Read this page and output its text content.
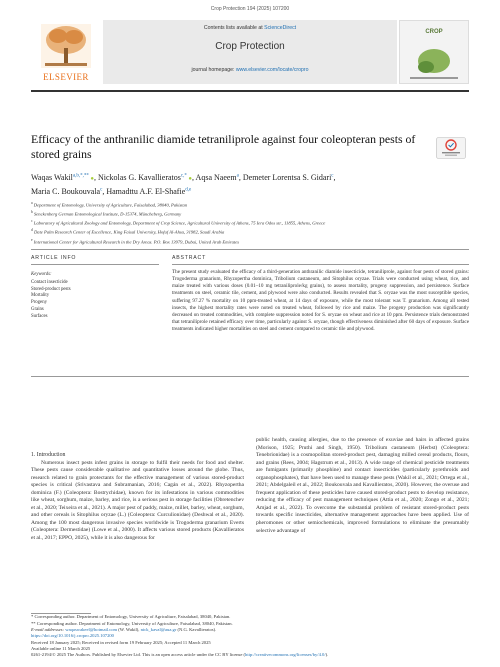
Crop Protection 194 (2025) 107200
ELSEVIER
Contents lists available at ScienceDirect
Crop Protection
journal homepage: www.elsevier.com/locate/cropro
CROP
Efficacy of the anthranilic diamide tetraniliprole against four coleopteran pests of stored grains
Waqas Wakil$^{a,b,*,**}$ ●, Nickolas G. Kavallieratos$^{c,*}$ ●, Aqsa Naeem$^a$, Demeter Lorentsa S. Gidari$^c$,
Maria C. Boukouvala$^c$, Hamadttu A.F. El-Shafie$^{d,e}$
$^a$ Department of Entomology, University of Agriculture, Faisalabad, 38040, Pakistan
$^b$ Senckenberg German Entomological Institute, D-15374, Müncheberg, Germany
$^c$ Laboratory of Agricultural Zoology and Entomology, Department of Crop Science, Agricultural University of Athens, 75 Iera Odos str., 11855, Athens, Greece
$^d$ Date Palm Research Center of Excellence, King Faisal University, Hofuf Al-Ahsa, 31982, Saudi Arabia
$^e$ International Center for Agricultural Research in the Dry Areas. P.O. Box 13979, Dubai, United Arab Emirates
ARTICLE INFO	ABSTRACT
Keywords:
Contact insecticide
Stored-product pests
Mortality
Progeny
Grains
Surfaces
The present study evaluated the efficacy of a third-generation anthranilic diamide insecticide, tetraniliprole, against four pests of stored grains: Trogoderma granarium, Rhyzopertha dominica, Tribolium castaneum, and Sitophilus oryzae. Trials were conducted using wheat, rice, and maize treated with various doses (0.01–10 mg tetraniliprole/kg grains), to assess mortality, progeny suppression, and persistence. Surface treatments on steel, ceramic tile, cement, and plywood were also conducted. Results revealed that S. oryzae was the most susceptible species, suffering 97.27 % mortality on 10 ppm-treated wheat, at 14 days of exposure, while the most tolerant was T. granarium. Among all tested insects, the highest mortality rates were noted on treated wheat, followed by rice and maize. The progeny production was significantly decreased on treated commodities, with complete suppression noted for S. oryzae on wheat and rice at 10 ppm. Persistence trials demonstrated that tetraniliprole retained efficacy over time, particularly against S. oryzae, though effectiveness diminished after 60 days of exposure. Surface treatments indicated higher mortalities on steel and cement compared to ceramic tile and plywood.

1. Introduction

Numerous insect pests infest grains in storage to fulfil their needs for food and shelter. These pests cause considerable qualitative and quantitative losses around the globe. Thus, research related to grain protectants for the effective management of various stored-product species is critical (Srivastava and Subramanian, 2016; Cagán et al., 2022). Rhyzopertha dominica (F.) (Coleoptera: Bostrychidae), known for its infestations in various commodities like wheat, sorghum, maize, barley, and rice, is a serious pest in storage facilities (Obretenchev et al., 2020; Teixeira et al., 2021). A major pest of paddy, maize, millet, barley, wheat, sorghum, and other cereals is Sitophilus oryzae (L.) (Coleoptera: Curculionidae) (Deshwal et al., 2020). Among the 100 most dangerous invasive species worldwide is Trogoderma granarium Everts (Coleoptera: Dermestidae) (Lowe et al., 2000). It affects various stored products (Kavallieratos et al., 2017; EPPO, 2025), while it is also dangerous for

public health, causing allergies, due to the presence of exuviae and hairs in affected grains (Morison, 1925; Pruthi and Singh, 1950). Tribolium castaneum (Herbst) (Coleoptera: Tenebrionidae) is a cosmopolitan stored-product pest, damaging milled cereal products, flours, and grains (Rees, 2004; Hagstrum et al., 2013). A wide range of chemical pesticide treatments are fumigants (primarily phosphine) and contact insecticides (particularly pyrethroids and organophosphates), that have been used to manage these pests (Wakil et al., 2021; Ortega et al., 2021; Abdelgaleil et al., 2022; Boukouvala and Kavallieratos, 2020). However, the overuse and frequent application of these pesticides have caused stored-product pests to develop resistance, reducing the efficacy of pest management techniques (Attia et al., 2020; Zongo et al., 2021; Amjad et al., 2022). To overcome the substantial problem of resistant stored-product pests towards specific insecticides, alternative management approaches have been applied. Use of pheromones or other semiochemicals, improved formulations to eliminate the presumably selective advantage of

* Corresponding author. Department of Entomology, University of Agriculture, Faisalabad, 38040, Pakistan.
** Corresponding author. Department of Entomology, University of Agriculture, Faisalabad, 38040, Pakistan.
E-mail addresses: waqaswakeel@hotmail.com (W. Wakil), nick_kaval@aua.gr (N.G. Kavallieratos).
https://doi.org/10.1016/j.cropro.2025.107200
Received 18 January 2025; Received in revised form 19 February 2025; Accepted 11 March 2025
Available online 11 March 2025
0261-2194/© 2025 The Authors. Published by Elsevier Ltd. This is an open access article under the CC BY license (http://creativecommons.org/licenses/by/4.0/).
